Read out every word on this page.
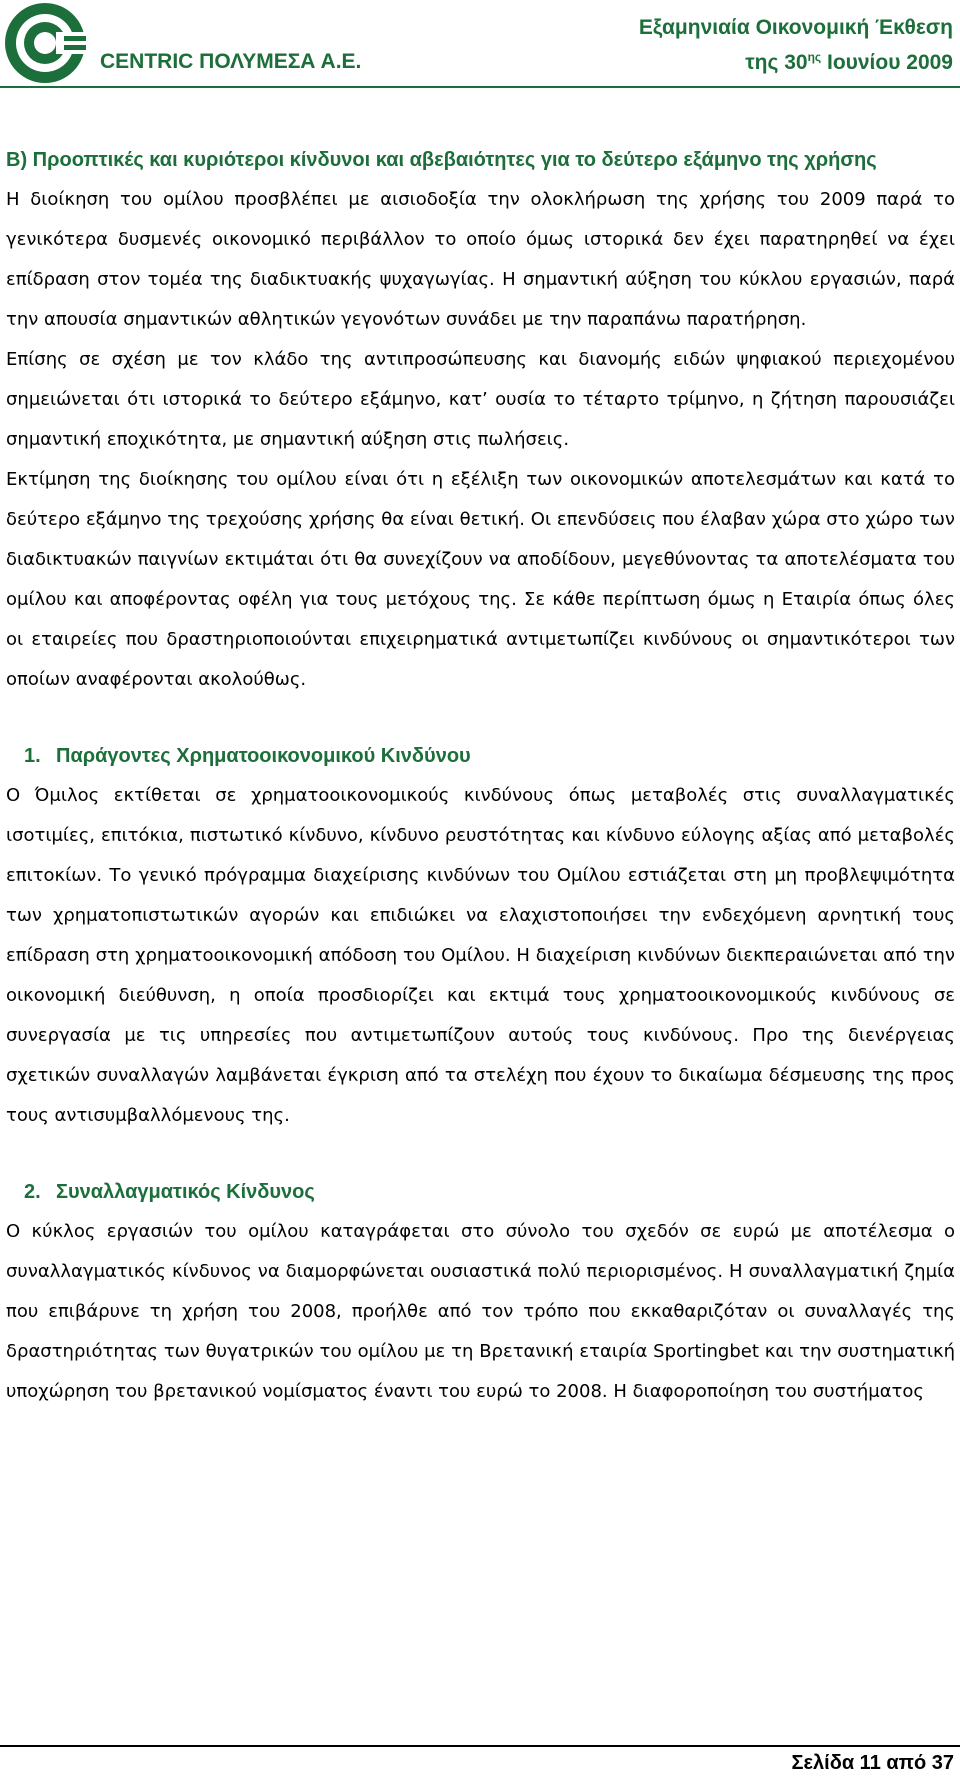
CENTRIC ΠΟΛΥΜΕΣΑ Α.Ε.
Εξαμηνιαία Οικονομική Έκθεση
της $30^{\eta\varsigma}$ Ιουνίου 2009

Β) Προοπτικές και κυριότεροι κίνδυνοι και αβεβαιότητες για το δεύτερο εξάμηνο της χρήσης

Η διοίκηση του ομίλου προσβλέπει με αισιοδοξία την ολοκλήρωση της χρήσης του 2009 παρά το γενικότερα δυσμενές οικονομικό περιβάλλον το οποίο όμως ιστορικά δεν έχει παρατηρηθεί να έχει επίδραση στον τομέα της διαδικτυακής ψυχαγωγίας. Η σημαντική αύξηση του κύκλου εργασιών, παρά την απουσία σημαντικών αθλητικών γεγονότων συνάδει με την παραπάνω παρατήρηση.

Επίσης σε σχέση με τον κλάδο της αντιπροσώπευσης και διανομής ειδών ψηφιακού περιεχομένου σημειώνεται ότι ιστορικά το δεύτερο εξάμηνο, κατ’ ουσία το τέταρτο τρίμηνο, η ζήτηση παρουσιάζει σημαντική εποχικότητα, με σημαντική αύξηση στις πωλήσεις.

Εκτίμηση της διοίκησης του ομίλου είναι ότι η εξέλιξη των οικονομικών αποτελεσμάτων και κατά το δεύτερο εξάμηνο της τρεχούσης χρήσης θα είναι θετική. Οι επενδύσεις που έλαβαν χώρα στο χώρο των διαδικτυακών παιγνίων εκτιμάται ότι θα συνεχίζουν να αποδίδουν, μεγεθύνοντας τα αποτελέσματα του ομίλου και αποφέροντας οφέλη για τους μετόχους της. Σε κάθε περίπτωση όμως η Εταιρία όπως όλες οι εταιρείες που δραστηριοποιούνται επιχειρηματικά αντιμετωπίζει κινδύνους οι σημαντικότεροι των οποίων αναφέρονται ακολούθως.

1. Παράγοντες Χρηματοοικονομικού Κινδύνου

Ο Όμιλος εκτίθεται σε χρηματοοικονομικούς κινδύνους όπως μεταβολές στις συναλλαγματικές ισοτιμίες, επιτόκια, πιστωτικό κίνδυνο, κίνδυνο ρευστότητας και κίνδυνο εύλογης αξίας από μεταβολές επιτοκίων. Το γενικό πρόγραμμα διαχείρισης κινδύνων του Ομίλου εστιάζεται στη μη προβλεψιμότητα των χρηματοπιστωτικών αγορών και επιδιώκει να ελαχιστοποιήσει την ενδεχόμενη αρνητική τους επίδραση στη χρηματοοικονομική απόδοση του Ομίλου. Η διαχείριση κινδύνων διεκπεραιώνεται από την οικονομική διεύθυνση, η οποία προσδιορίζει και εκτιμά τους χρηματοοικονομικούς κινδύνους σε συνεργασία με τις υπηρεσίες που αντιμετωπίζουν αυτούς τους κινδύνους. Προ της διενέργειας σχετικών συναλλαγών λαμβάνεται έγκριση από τα στελέχη που έχουν το δικαίωμα δέσμευσης της προς τους αντισυμβαλλόμενους της.

2. Συναλλαγματικός Κίνδυνος

Ο κύκλος εργασιών του ομίλου καταγράφεται στο σύνολο του σχεδόν σε ευρώ με αποτέλεσμα ο συναλλαγματικός κίνδυνος να διαμορφώνεται ουσιαστικά πολύ περιορισμένος. Η συναλλαγματική ζημία που επιβάρυνε τη χρήση του 2008, προήλθε από τον τρόπο που εκκαθαριζόταν οι συναλλαγές της δραστηριότητας των θυγατρικών του ομίλου με τη Βρετανική εταιρία Sportingbet και την συστηματική υποχώρηση του βρετανικού νομίσματος έναντι του ευρώ το 2008. Η διαφοροποίηση του συστήματος

Σελίδα 11 από 37
